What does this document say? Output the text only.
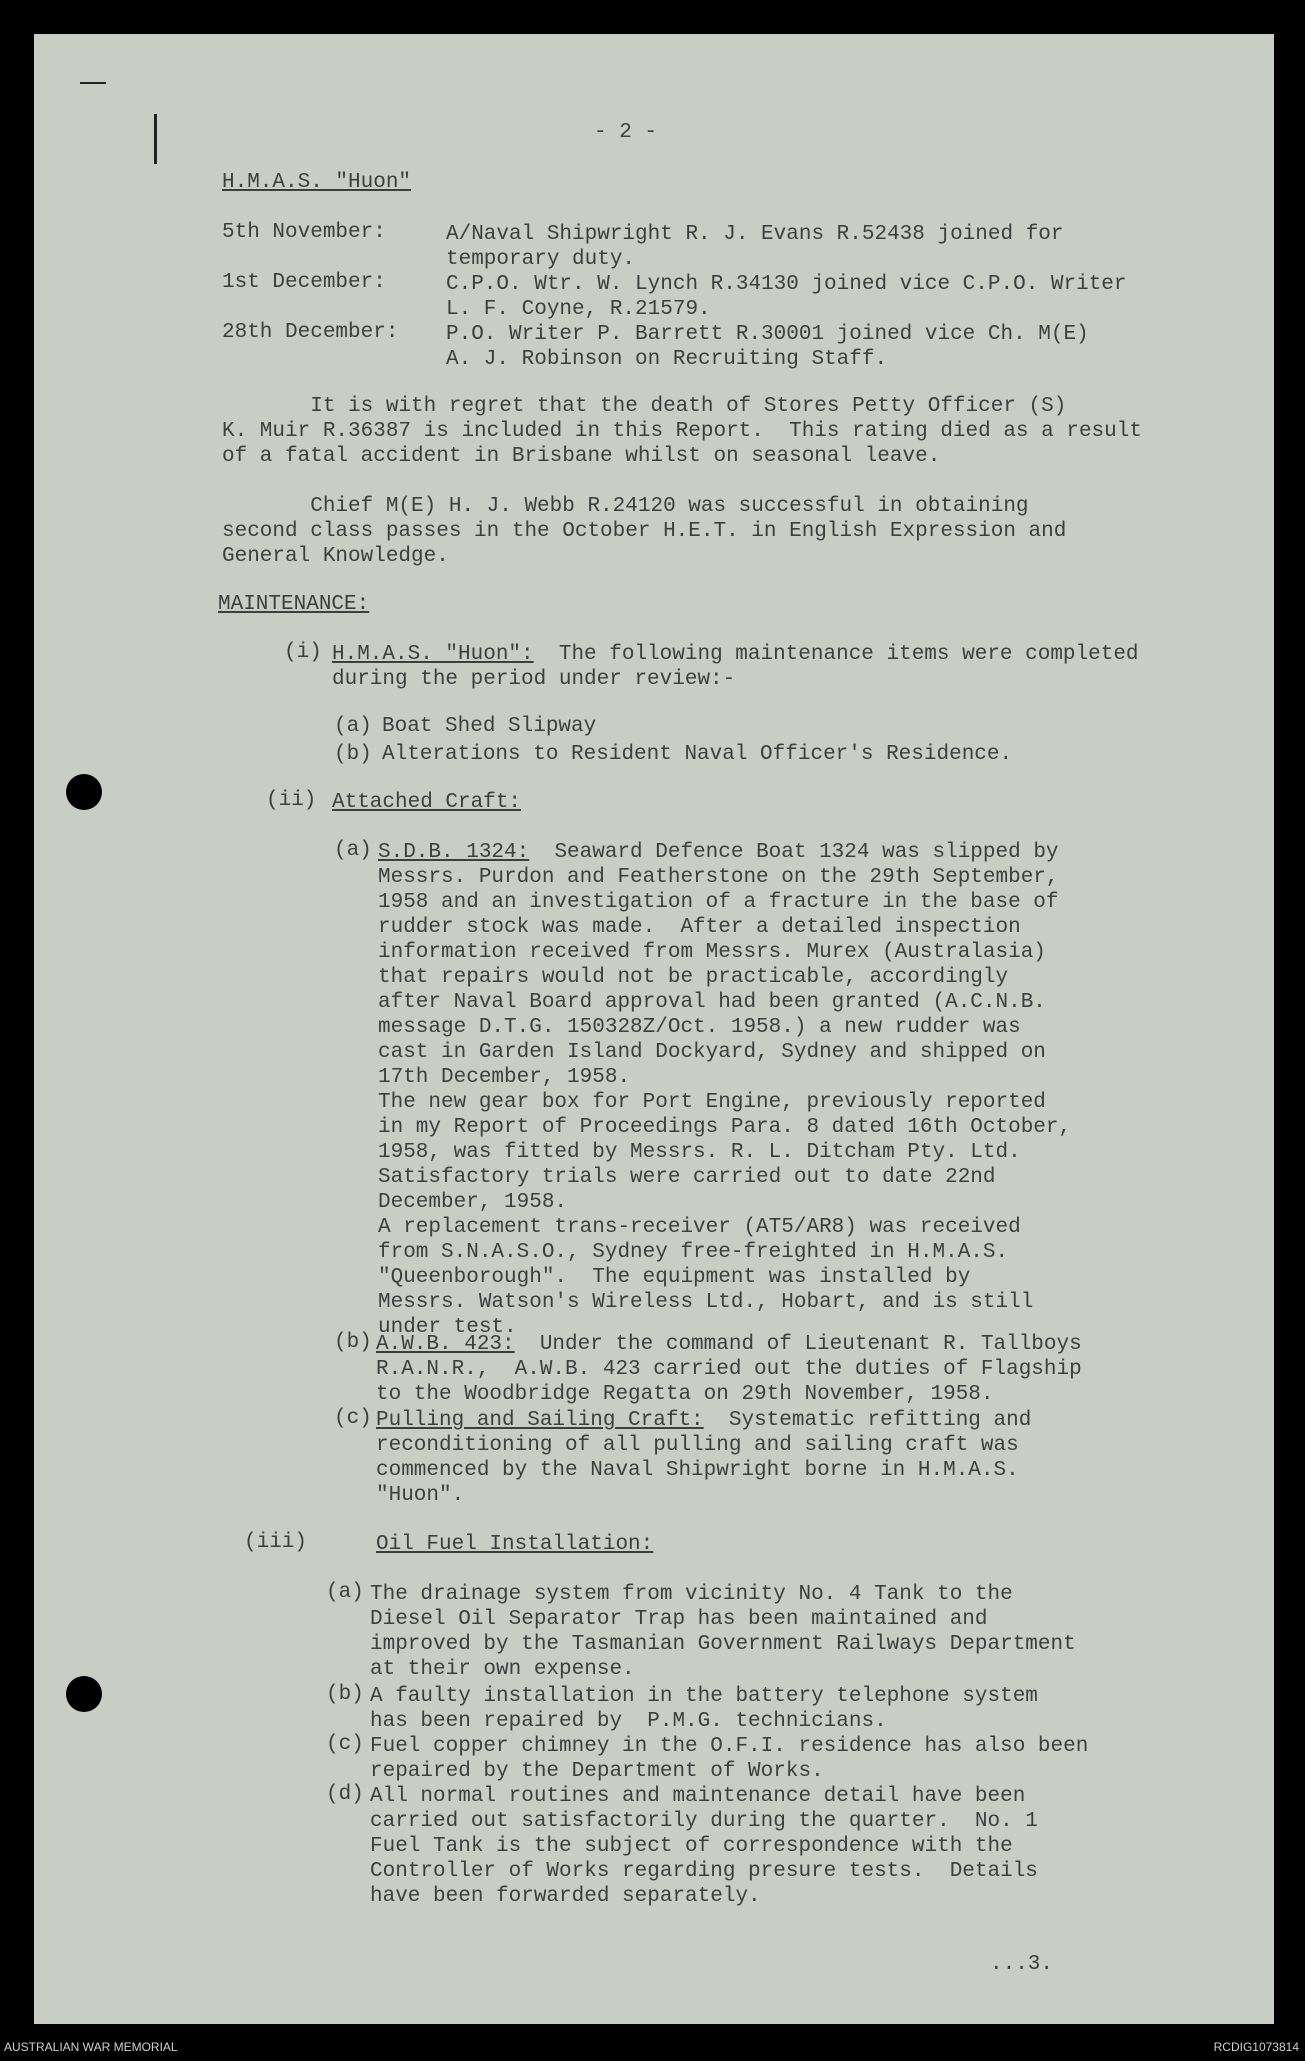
- 2 -

H.M.A.S. "Huon"

5th November:	A/Naval Shipwright R. J. Evans R.52438 joined for
temporary duty.

1st December:	C.P.O. Wtr. W. Lynch R.34130 joined vice C.P.O. Writer
L. F. Coyne, R.21579.

28th December: P.O. Writer P. Barrett R.30001 joined vice Ch. M(E)
A. J. Robinson on Recruiting Staff.

It is with regret that the death of Stores Petty Officer (S)
K. Muir R.36387 is included in this Report.  This rating died as a result
of a fatal accident in Brisbane whilst on seasonal leave.

Chief M(E) H. J. Webb R.24120 was successful in obtaining
second class passes in the October H.E.T. in English Expression and
General Knowledge.

MAINTENANCE:

(i) H.M.A.S. "Huon":  The following maintenance items were completed
during the period under review:-

(a) Boat Shed Slipway

(b) Alterations to Resident Naval Officer's Residence.

(ii) Attached Craft:

(a) S.D.B. 1324:  Seaward Defence Boat 1324 was slipped by
Messrs. Purdon and Featherstone on the 29th September,
1958 and an investigation of a fracture in the base of
rudder stock was made.  After a detailed inspection
information received from Messrs. Murex (Australasia)
that repairs would not be practicable, accordingly
after Naval Board approval had been granted (A.C.N.B.
message D.T.G. 150328Z/Oct. 1958.) a new rudder was
cast in Garden Island Dockyard, Sydney and shipped on
17th December, 1958.
The new gear box for Port Engine, previously reported
in my Report of Proceedings Para. 8 dated 16th October,
1958, was fitted by Messrs. R. L. Ditcham Pty. Ltd.
Satisfactory trials were carried out to date 22nd
December, 1958.
A replacement trans-receiver (AT5/AR8) was received
from S.N.A.S.O., Sydney free-freighted in H.M.A.S.
"Queenborough".  The equipment was installed by
Messrs. Watson's Wireless Ltd., Hobart, and is still
under test.

(b) A.W.B. 423:  Under the command of Lieutenant R. Tallboys
R.A.N.R.,  A.W.B. 423 carried out the duties of Flagship
to the Woodbridge Regatta on 29th November, 1958.

(c) Pulling and Sailing Craft:  Systematic refitting and
reconditioning of all pulling and sailing craft was
commenced by the Naval Shipwright borne in H.M.A.S.
"Huon".

(iii)	Oil Fuel Installation:

(a) The drainage system from vicinity No. 4 Tank to the
Diesel Oil Separator Trap has been maintained and
improved by the Tasmanian Government Railways Department
at their own expense.

(b) A faulty installation in the battery telephone system
has been repaired by  P.M.G. technicians.

(c) Fuel copper chimney in the O.F.I. residence has also been
repaired by the Department of Works.

(d) All normal routines and maintenance detail have been
carried out satisfactorily during the quarter.  No. 1
Fuel Tank is the subject of correspondence with the
Controller of Works regarding presure tests.  Details
have been forwarded separately.

...3.

AUSTRALIAN WAR MEMORIAL	RCDIG1073814
